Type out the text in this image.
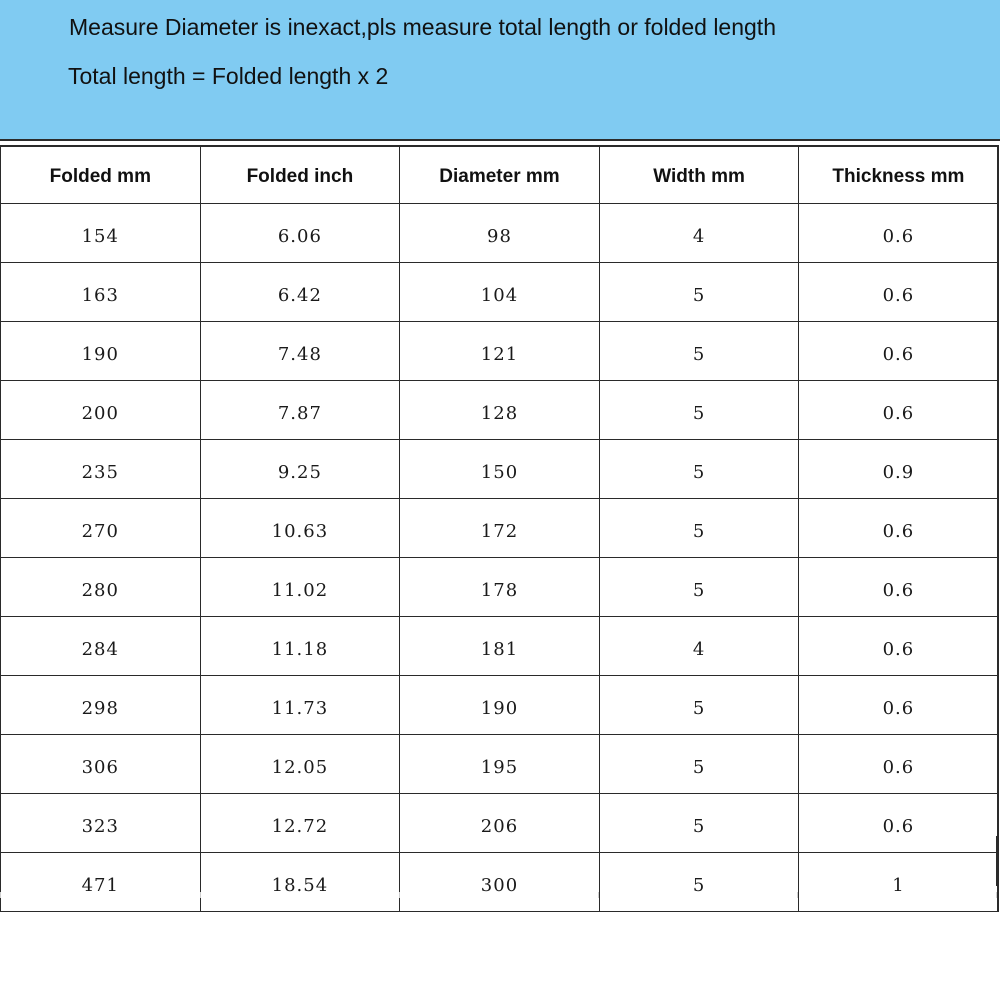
Measure Diameter is inexact,pls measure total length or folded length
Total length = Folded length x 2
Folded mm	Folded inch	Diameter mm	Width mm	Thickness mm
154	6.06	98	4	0.6
163	6.42	104	5	0.6
190	7.48	121	5	0.6
200	7.87	128	5	0.6
235	9.25	150	5	0.9
270	10.63	172	5	0.6
280	11.02	178	5	0.6
284	11.18	181	4	0.6
298	11.73	190	5	0.6
306	12.05	195	5	0.6
323	12.72	206	5	0.6
471	18.54	300	5	1
